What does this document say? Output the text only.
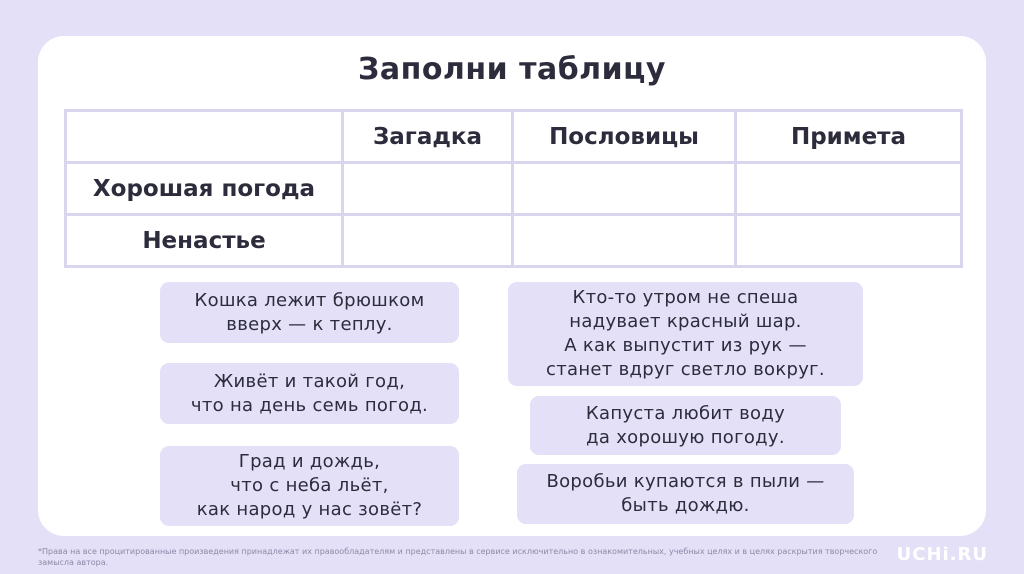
Заполни таблицу
	Загадка	Пословицы	Примета
Хорошая погода			
Ненастье			
Кошка лежит брюшком
вверх — к теплу.
Живёт и такой год,
что на день семь погод.
Град и дождь,
что с неба льёт,
как народ у нас зовёт?
Кто-то утром не спеша
надувает красный шар.
А как выпустит из рук —
станет вдруг светло вокруг.
Капуста любит воду
да хорошую погоду.
Воробьи купаются в пыли —
быть дождю.
*Права на все процитированные произведения принадлежат их правообладателям и представлены в сервисе исключительно в ознакомительных, учебных целях и в целях раскрытия творческого замысла автора.	UCHi.RU
